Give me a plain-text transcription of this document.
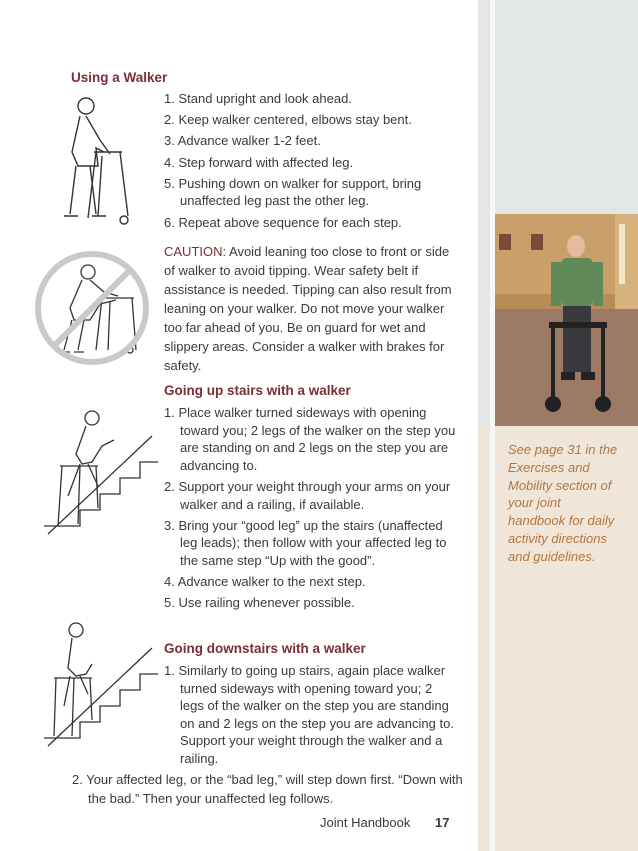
See page 31 in the Exercises and Mobility section of your joint handbook for daily activity directions and guidelines.
Using a Walker
Going up stairs with a walker
Going downstairs with a walker
1. Stand upright and look ahead.
2. Keep walker centered, elbows stay bent.
3. Advance walker 1-2 feet.
4. Step forward with affected leg.
5. Pushing down on walker for support, bring unaffected leg past the other leg.
6. Repeat above sequence for each step.

CAUTION: Avoid leaning too close to front or side of walker to avoid tipping. Wear safety belt if assistance is needed. Tipping can also result from leaning on your walker. Do not move your walker too far ahead of you. Be on guard for wet and slippery areas. Consider a walker with brakes for safety.

1. Place walker turned sideways with opening toward you; 2 legs of the walker on the step you are standing on and 2 legs on the step you are advancing to.
2. Support your weight through your arms on your walker and a railing, if available.
3. Bring your “good leg” up the stairs (unaffected leg leads); then follow with your affected leg to the same step “Up with the good”.
4. Advance walker to the next step.
5. Use railing whenever possible.
1. Similarly to going up stairs, again place walker turned sideways with opening toward you; 2 legs of the walker on the step you are standing on and 2 legs on the step you are advancing to. Support your weight through the walker and a railing.

2. Your affected leg, or the “bad leg,” will step down first. “Down with the bad.” Then your unaffected leg follows.

Joint Handbook 17
